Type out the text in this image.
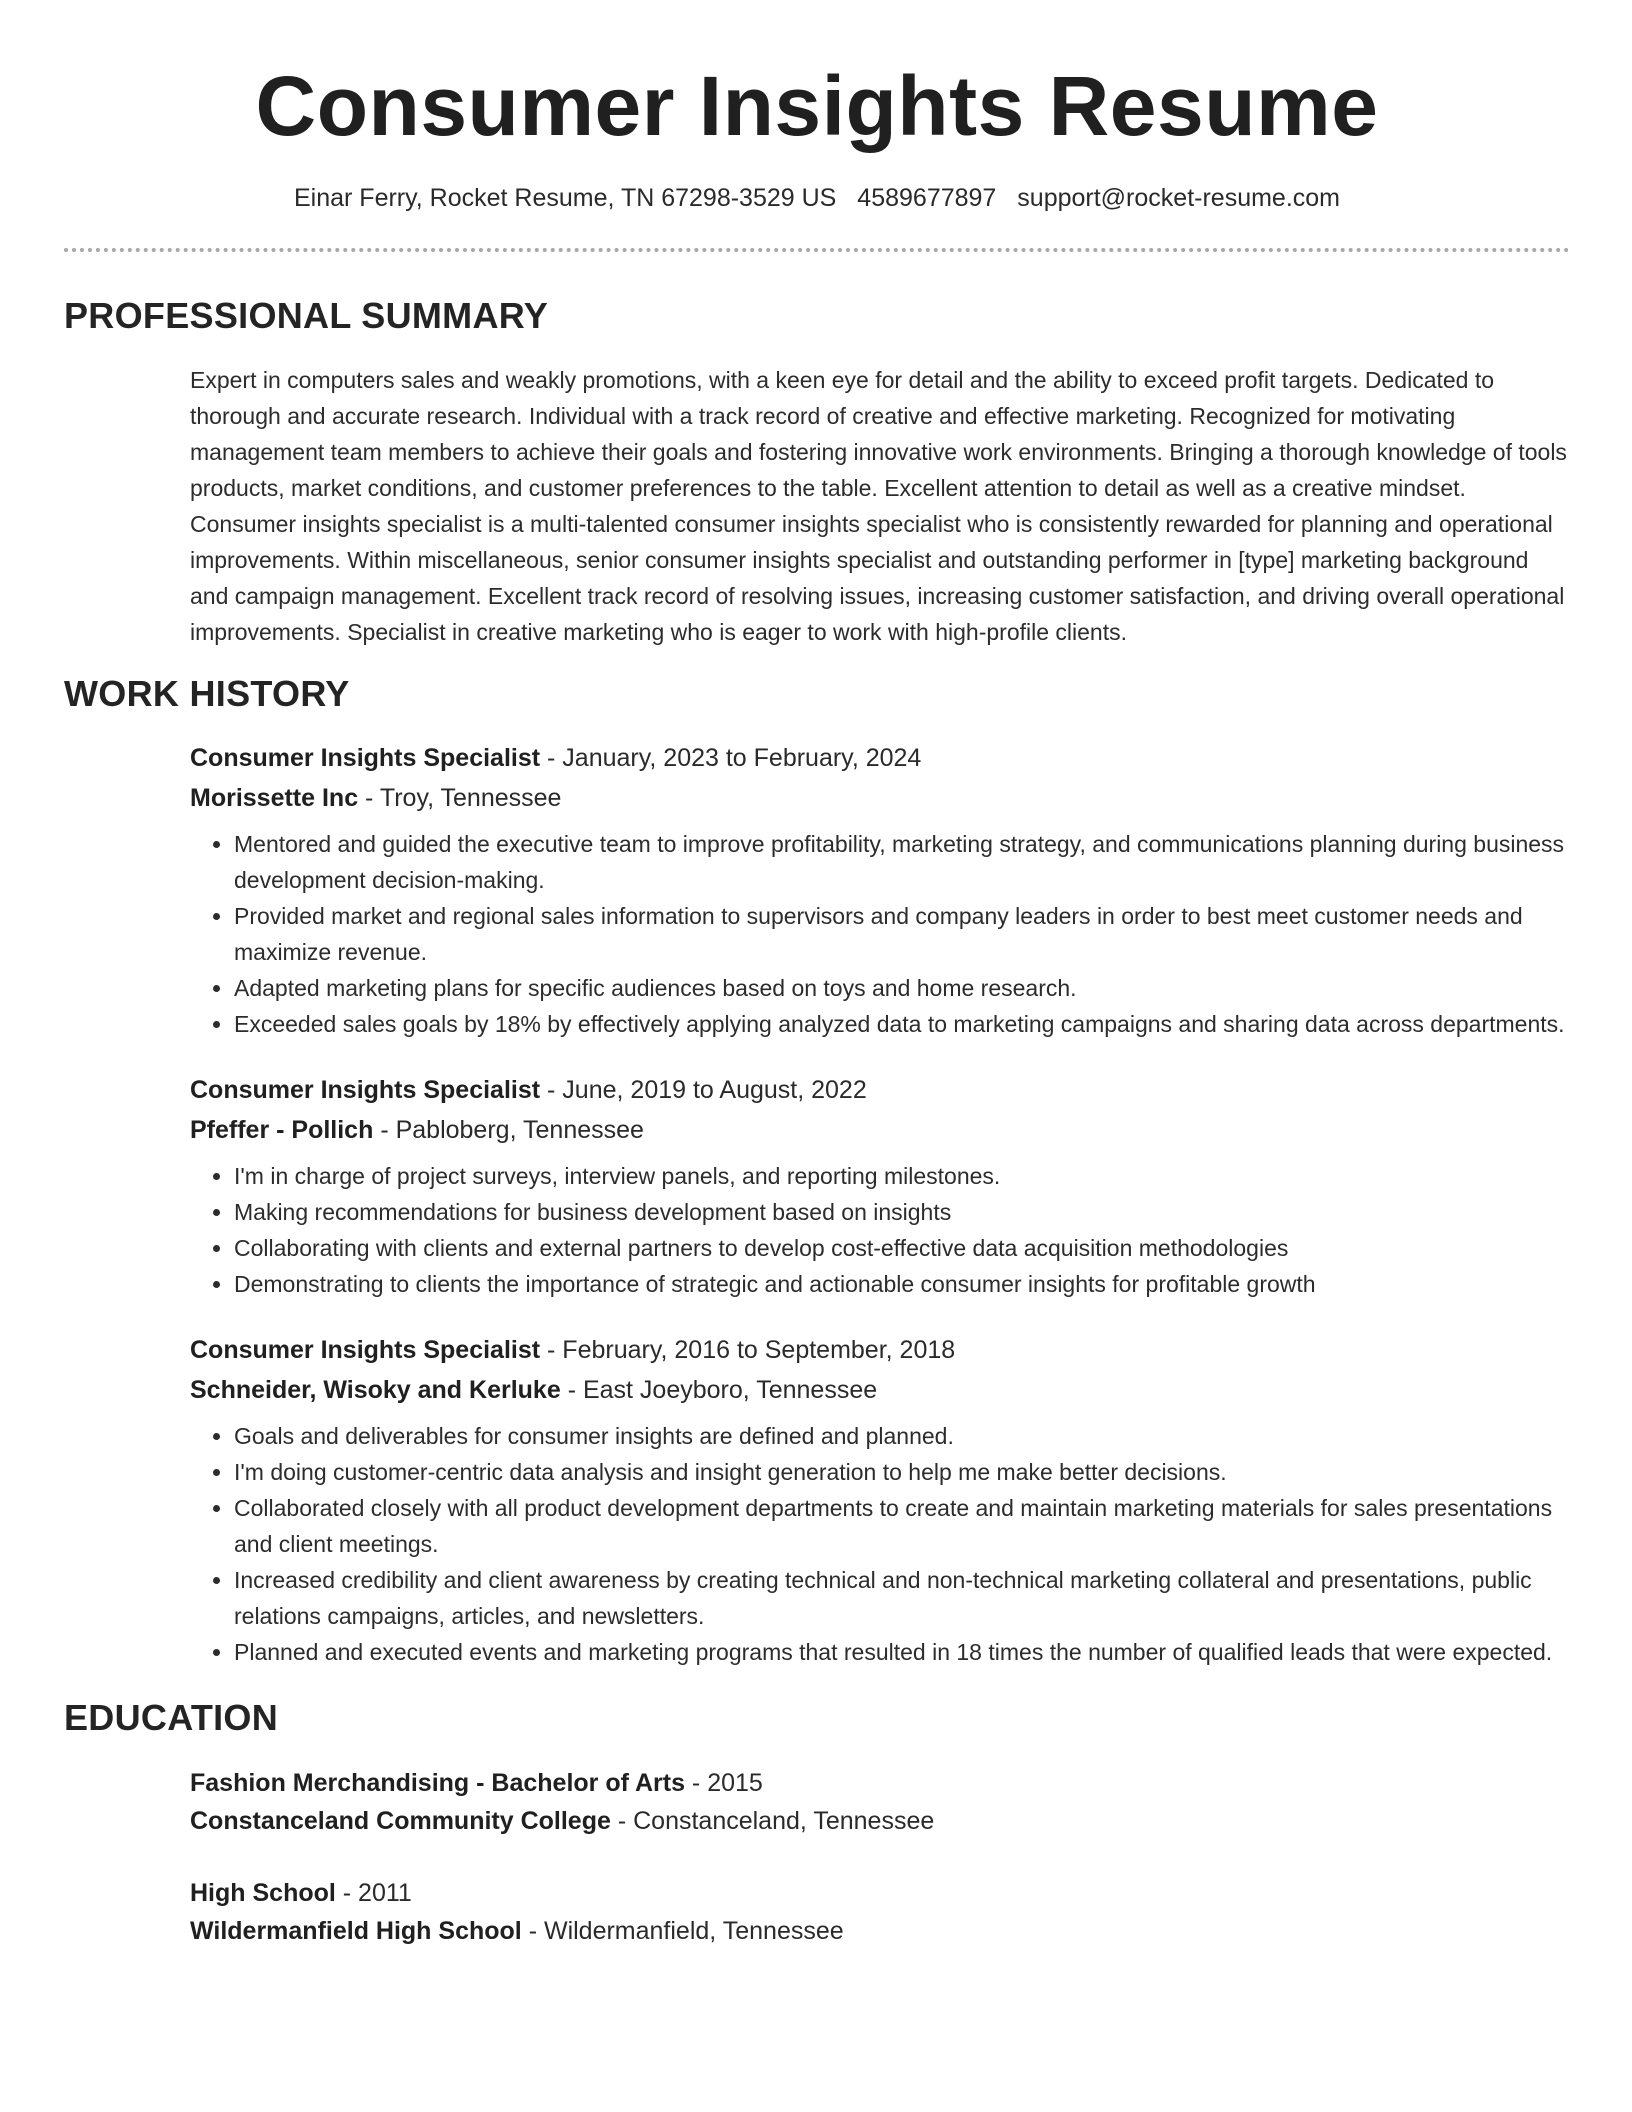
Consumer Insights Resume
Einar Ferry, Rocket Resume, TN 67298-3529 US 4589677897 support@rocket-resume.com
PROFESSIONAL SUMMARY
Expert in computers sales and weakly promotions, with a keen eye for detail and the ability to exceed profit targets. Dedicated to thorough and accurate research. Individual with a track record of creative and effective marketing. Recognized for motivating management team members to achieve their goals and fostering innovative work environments. Bringing a thorough knowledge of tools products, market conditions, and customer preferences to the table. Excellent attention to detail as well as a creative mindset. Consumer insights specialist is a multi-talented consumer insights specialist who is consistently rewarded for planning and operational improvements. Within miscellaneous, senior consumer insights specialist and outstanding performer in [type] marketing background and campaign management. Excellent track record of resolving issues, increasing customer satisfaction, and driving overall operational improvements. Specialist in creative marketing who is eager to work with high-profile clients.
WORK HISTORY
Consumer Insights Specialist - January, 2023 to February, 2024
Morissette Inc - Troy, Tennessee
• Mentored and guided the executive team to improve profitability, marketing strategy, and communications planning during business development decision-making.
• Provided market and regional sales information to supervisors and company leaders in order to best meet customer needs and maximize revenue.
• Adapted marketing plans for specific audiences based on toys and home research.
• Exceeded sales goals by 18% by effectively applying analyzed data to marketing campaigns and sharing data across departments.
Consumer Insights Specialist - June, 2019 to August, 2022
Pfeffer - Pollich - Pabloberg, Tennessee
• I'm in charge of project surveys, interview panels, and reporting milestones.
• Making recommendations for business development based on insights
• Collaborating with clients and external partners to develop cost-effective data acquisition methodologies
• Demonstrating to clients the importance of strategic and actionable consumer insights for profitable growth
Consumer Insights Specialist - February, 2016 to September, 2018
Schneider, Wisoky and Kerluke - East Joeyboro, Tennessee
• Goals and deliverables for consumer insights are defined and planned.
• I'm doing customer-centric data analysis and insight generation to help me make better decisions.
• Collaborated closely with all product development departments to create and maintain marketing materials for sales presentations and client meetings.
• Increased credibility and client awareness by creating technical and non-technical marketing collateral and presentations, public relations campaigns, articles, and newsletters.
• Planned and executed events and marketing programs that resulted in 18 times the number of qualified leads that were expected.
EDUCATION
Fashion Merchandising - Bachelor of Arts - 2015
Constanceland Community College - Constanceland, Tennessee
High School - 2011
Wildermanfield High School - Wildermanfield, Tennessee
